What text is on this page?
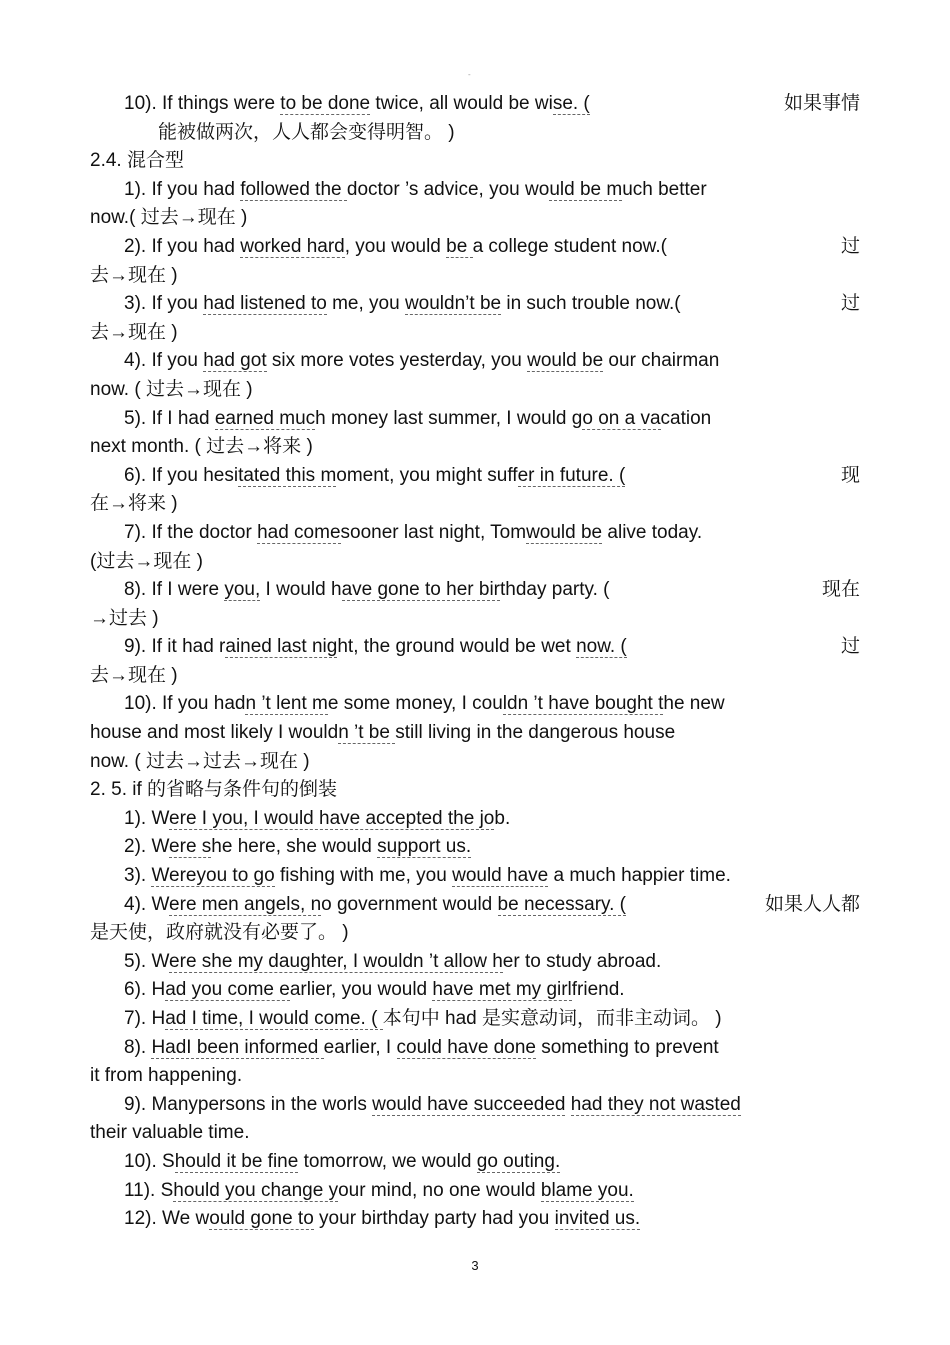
-
10). If things were to be done twice, all would be wise. (	如果事情
能被做两次，人人都会变得明智。 )
2.4. 混合型
1). If you had followed the doctor ’s advice, you would be much better
now.( 过去→现在 )
2). If you had worked hard, you would be a college student now.(	过
去→现在 )
3). If you had listened to me, you wouldn’t be in such trouble now.(	过
去→现在 )
4). If you had got six more votes yesterday, you would be our chairman
now. ( 过去→现在 )
5). If I had earned much money last summer, I would go on a vacation
next month. ( 过去→将来 )
6). If you hesitated this moment, you might suffer in future. (	现
在→将来 )
7). If the doctor had comesooner last night, Tomwould be alive today.
(过去→现在 )
8). If I were you, I would have gone to her birthday party. (	现在
→过去 )
9). If it had rained last night, the ground would be wet now. (	过
去→现在 )
10). If you hadn ’t lent me some money, I couldn ’t have bought the new
house and most likely I wouldn ’t be still living in the dangerous house
now. ( 过去→过去→现在 )
2. 5. if 的省略与条件句的倒装
1). Were I you, I would have accepted the job.
2). Were she here, she would support us.
3). Wereyou to go fishing with me, you would have a much happier time.
4). Were men angels, no government would be necessary. (	如果人人都
是天使，政府就没有必要了。 )
5). Were she my daughter, I wouldn ’t allow her to study abroad.
6). Had you come earlier, you would have met my girlfriend.
7). Had I time, I would come. ( 本句中 had 是实意动词，而非主动词。 )
8). HadI been informed earlier, I could have done something to prevent
it from happening.
9). Manypersons in the worls would have succeeded had they not wasted
their valuable time.
10). Should it be fine tomorrow, we would go outing.
11). Should you change your mind, no one would blame you.
12). We would gone to your birthday party had you invited us.
3
